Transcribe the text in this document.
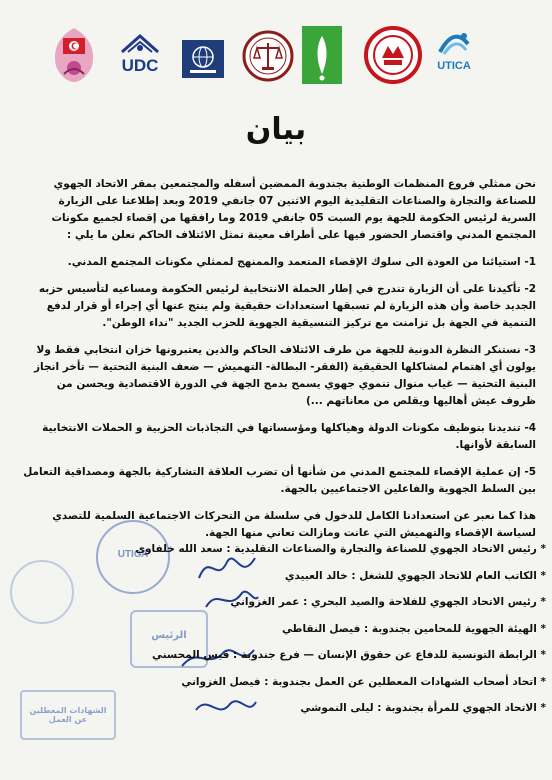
UDC	UTICA
بيان

نحن ممثلي فروع المنظمات الوطنية بجندوبة الممضين أسفله والمجتمعين بمقر الاتحاد الجهوي للصناعة والتجارة والصناعات التقليدية اليوم الاثنين 07 جانفي 2019 وبعد إطلاعنا على الزيارة السرية لرئيس الحكومة للجهة يوم السبت 05 جانفي 2019 وما رافقها من إقصاء لجميع مكونات المجتمع المدني واقتصار الحضور فيها على أطراف معينة تمثل الائتلاف الحاكم نعلن ما يلي :

1- استيائنا من العودة الى سلوك الإقصاء المتعمد والممنهج لممثلي مكونات المجتمع المدني.

2- تأكيدنا على أن الزيارة تندرج في إطار الحملة الانتخابية لرئيس الحكومة ومساعيه لتأسيس حزبه الجديد خاصة وأن هذه الزيارة لم تسبقها استعدادات حقيقية ولم ينتج عنها أي إجراء أو قرار لدفع التنمية في الجهة بل تزامنت مع تركيز التنسيقية الجهوية للحزب الجديد "نداء الوطن".

3- نستنكر النظرة الدونية للجهة من طرف الائتلاف الحاكم والذين يعتبرونها خزان انتخابي فقط ولا يولون أي اهتمام لمشاكلها الحقيقية (الفقر- البطالة- التهميش — ضعف البنية التحتية — تأخر انجاز البنية التحتية — غياب منوال تنموي جهوي يسمح بدمج الجهة في الدورة الاقتصادية ويحسن من ظروف عيش أهاليها ويقلص من معاناتهم ...)

4- تنديدنا بتوظيف مكونات الدولة وهياكلها ومؤسساتها في التجاذبات الحزبية و الحملات الانتخابية السابقة لأوانها.

5- إن عملية الإقصاء للمجتمع المدني من شأنها أن تضرب العلاقة التشاركية بالجهة ومصداقية التعامل بين السلط الجهوية والفاعلين الاجتماعيين بالجهة.

هذا كما نعبر عن استعدادنا الكامل للدخول في سلسلة من التحركات الاجتماعية السلمية للتصدي لسياسة الإقصاء والتهميش التي عانت ومازالت تعاني منها الجهة.

UTICA
الرئيس
الشهادات المعطلين عن العمل
* رئيس الاتحاد الجهوي للصناعة والتجارة والصناعات التقليدية : سعد الله خلفاوي
* الكاتب العام للاتحاد الجهوي للشغل : خالد العبيدي
* رئيس الاتحاد الجهوي للفلاحة والصيد البحري : عمر الغزواني
* الهيئة الجهوية للمحامين بجندوبة : فيصل النقاطي
* الرابطة التونسية للدفاع عن حقوق الإنسان — فرع جندوبة : قيس المحسني
* اتحاد أصحاب الشهادات المعطلين عن العمل بجندوبة : فيصل الغزواني
* الاتحاد الجهوي للمرأة بجندوبة : ليلى النموشي
